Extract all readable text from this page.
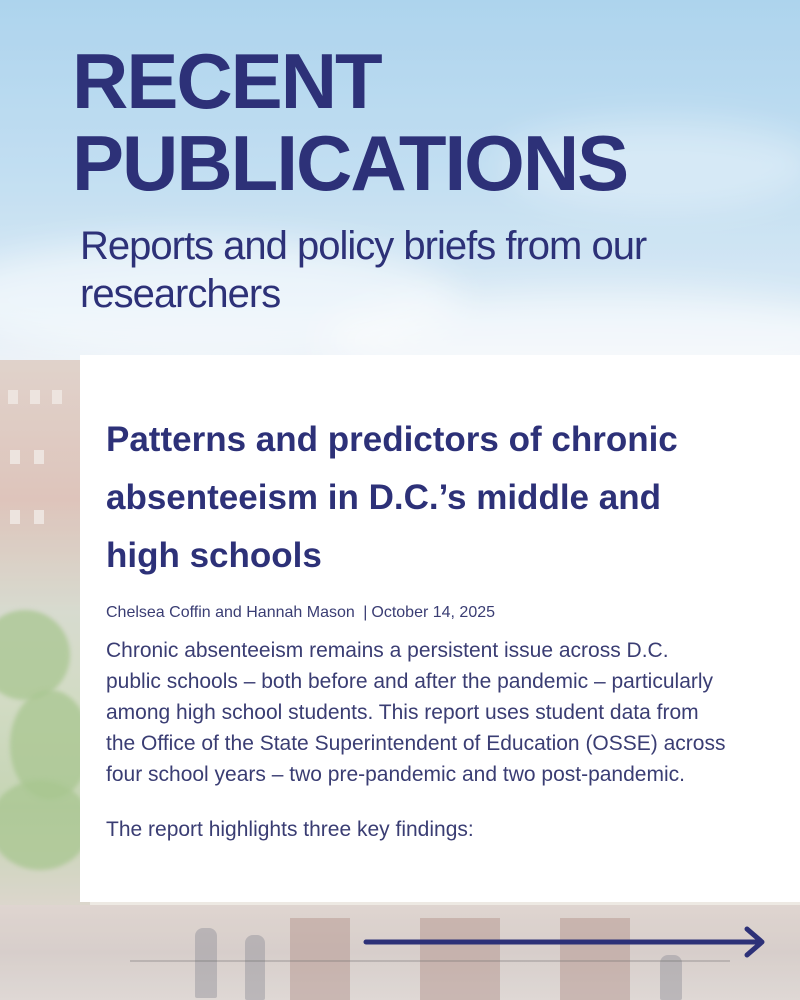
RECENT
PUBLICATIONS

Reports and policy briefs from our researchers

Patterns and predictors of chronic absenteeism in D.C.’s middle and high schools

Chelsea Coffin and Hannah Mason | October 14, 2025

Chronic absenteeism remains a persistent issue across D.C. public schools – both before and after the pandemic – particularly among high school students. This report uses student data from the Office of the State Superintendent of Education (OSSE) across four school years – two pre-pandemic and two post-pandemic.

The report highlights three key findings:
